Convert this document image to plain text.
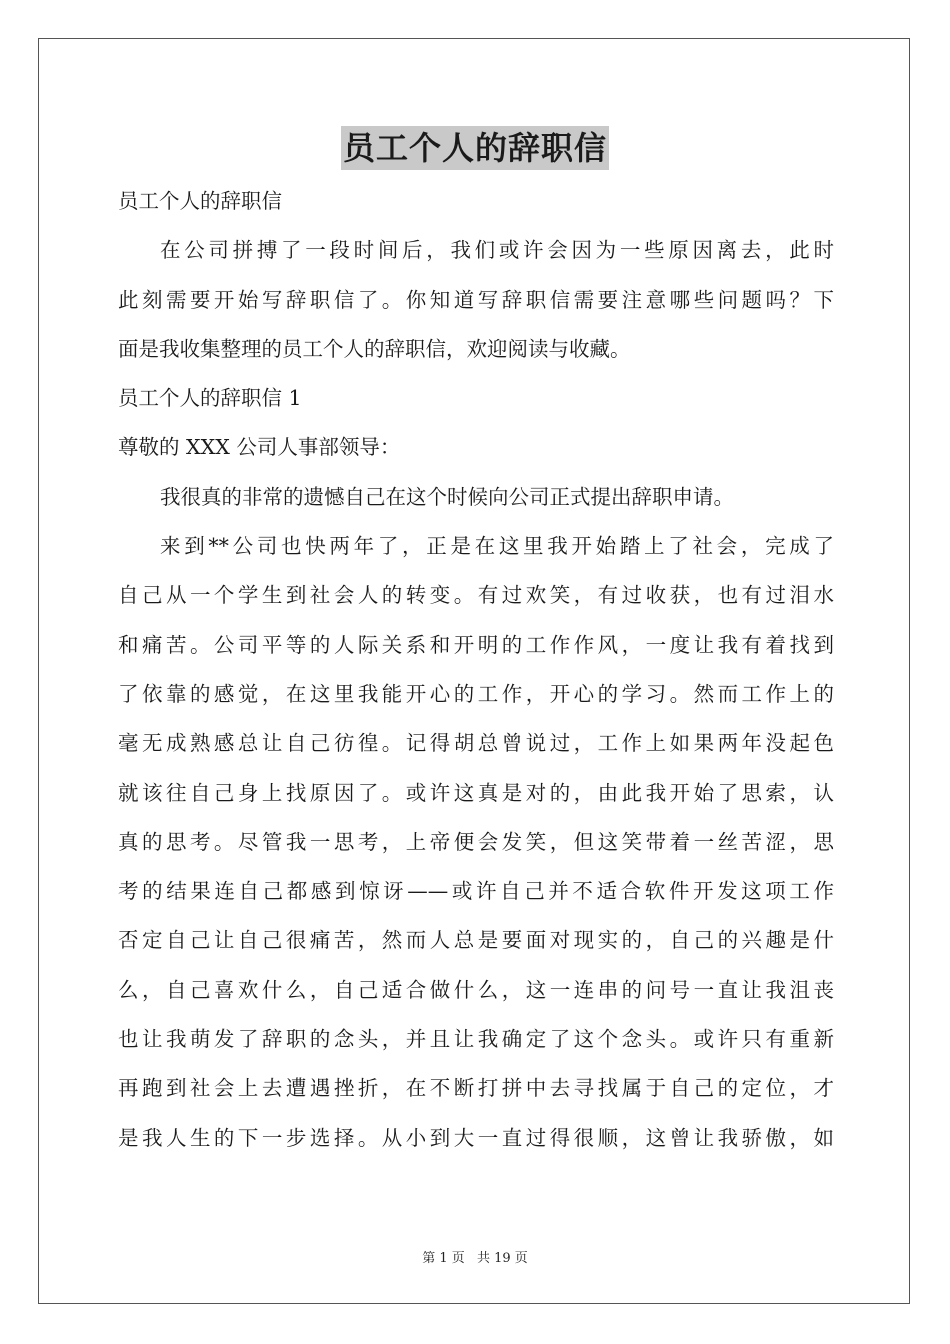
员工个人的辞职信
员工个人的辞职信
在公司拼搏了一段时间后，我们或许会因为一些原因离去，此时
此刻需要开始写辞职信了。你知道写辞职信需要注意哪些问题吗？下
面是我收集整理的员工个人的辞职信，欢迎阅读与收藏。
员工个人的辞职信 1
尊敬的 XXX 公司人事部领导：
我很真的非常的遗憾自己在这个时候向公司正式提出辞职申请。
来到**公司也快两年了，正是在这里我开始踏上了社会，完成了
自己从一个学生到社会人的转变。有过欢笑，有过收获，也有过泪水
和痛苦。公司平等的人际关系和开明的工作作风，一度让我有着找到
了依靠的感觉，在这里我能开心的工作，开心的学习。然而工作上的
毫无成熟感总让自己彷徨。记得胡总曾说过，工作上如果两年没起色
就该往自己身上找原因了。或许这真是对的，由此我开始了思索，认
真的思考。尽管我一思考，上帝便会发笑，但这笑带着一丝苦涩，思
考的结果连自己都感到惊讶——或许自己并不适合软件开发这项工作
否定自己让自己很痛苦，然而人总是要面对现实的，自己的兴趣是什
么，自己喜欢什么，自己适合做什么，这一连串的问号一直让我沮丧
也让我萌发了辞职的念头，并且让我确定了这个念头。或许只有重新
再跑到社会上去遭遇挫折，在不断打拼中去寻找属于自己的定位，才
是我人生的下一步选择。从小到大一直过得很顺，这曾让我骄傲，如
第 1 页 共 19 页
